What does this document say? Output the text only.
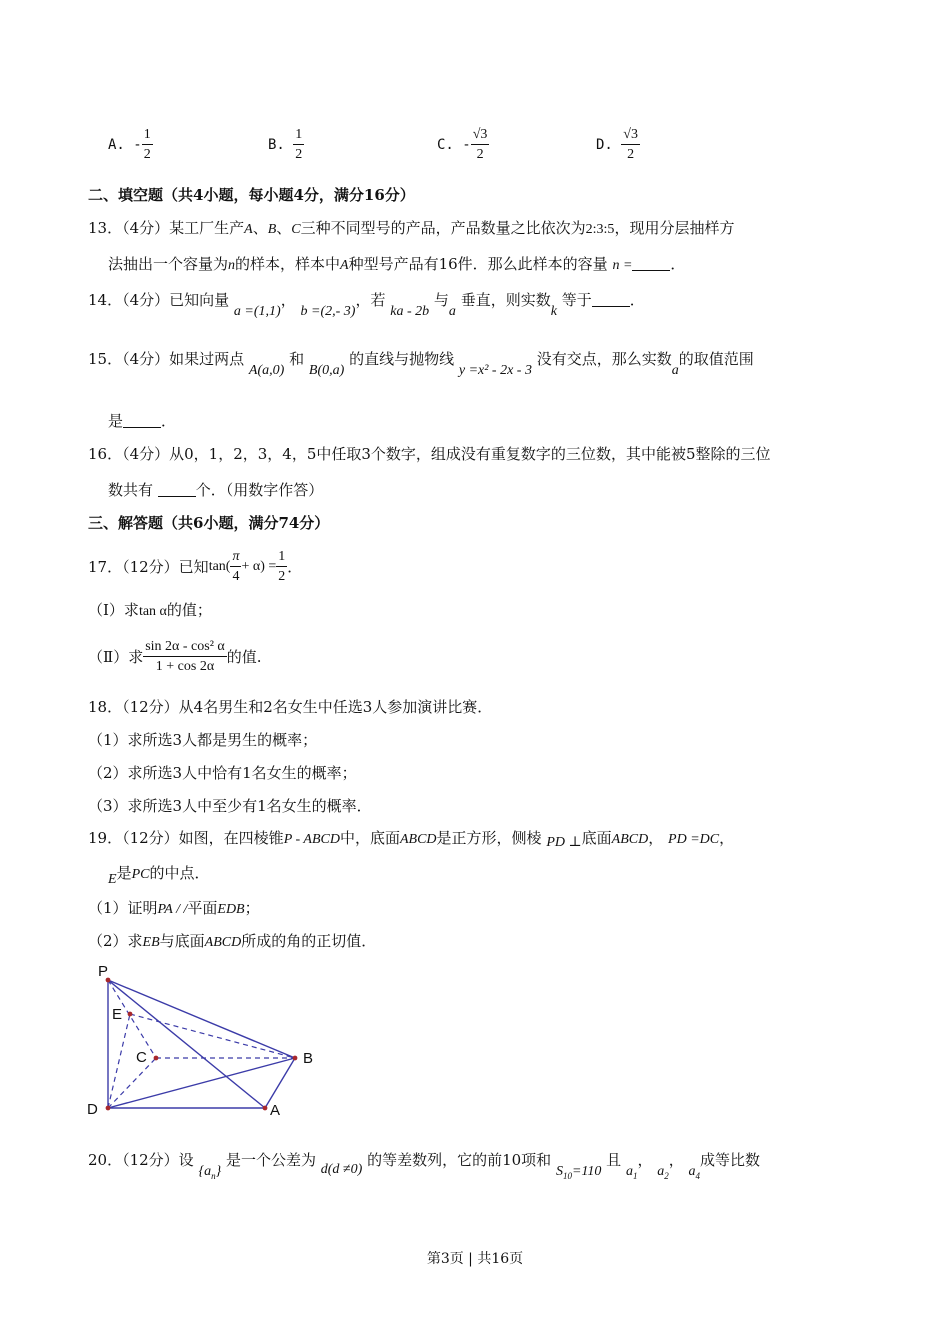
A.
- $\frac{1}{2}$	B.
$\frac{1}{2}$	C.
- $\frac{√3}{2}$	D.
$\frac{√3}{2}$
二、填空题（共4小题，每小题4分，满分16分）
13．（4分）某工厂生产A、B、C三种不同型号的产品，产品数量之比依次为2:3:5，现用分层抽样方
法抽出一个容量为n的样本，样本中A种型号产品有16件．那么此样本的容量 n =	．
14．（4分）已知向量 a =(1,1)， b =(2,- 3)，若 ka - 2b 与a 垂直，则实数k 等于	．
15．（4分）如果过两点 A(a,0) 和 B(0,a) 的直线与抛物线 y =x² - 2x - 3 没有交点，那么实数a的取值范围
是	．
16．（4分）从0，1，2，3，4，5中任取3个数字，组成没有重复数字的三位数，其中能被5整除的三位
数共有	个．（用数字作答）
三、解答题（共6小题，满分74分）
17．（12分）已知 $\tan( \frac{\pi}{4} + \alpha) = \frac{1}{2}$ ．
（Ⅰ）求tan α的值；
（Ⅱ）求 $\frac{\text{sin 2α - cos² α}}{1 + \cos 2\alpha}$ 的值.
18．（12分）从4名男生和2名女生中任选3人参加演讲比赛．
（1）求所选3人都是男生的概率；
（2）求所选3人中恰有1名女生的概率；
（3）求所选3人中至少有1名女生的概率．
19．（12分）如图，在四棱锥P - ABCD中，底面ABCD是正方形，侧棱 PD ⊥底面ABCD， PD =DC，
E是PC的中点．
（1）证明PA / /平面EDB；
（2）求EB与底面ABCD所成的角的正切值．
P
E
C	B
D	A
20．（12分）设 $\{a_n\}$ 是一个公差为 d(d ≠0) 的等差数列，它的前10项和 $S_{10}=110$ 且 $a_1$， $a_2$， $a_4$成等比数
第3页 | 共16页
